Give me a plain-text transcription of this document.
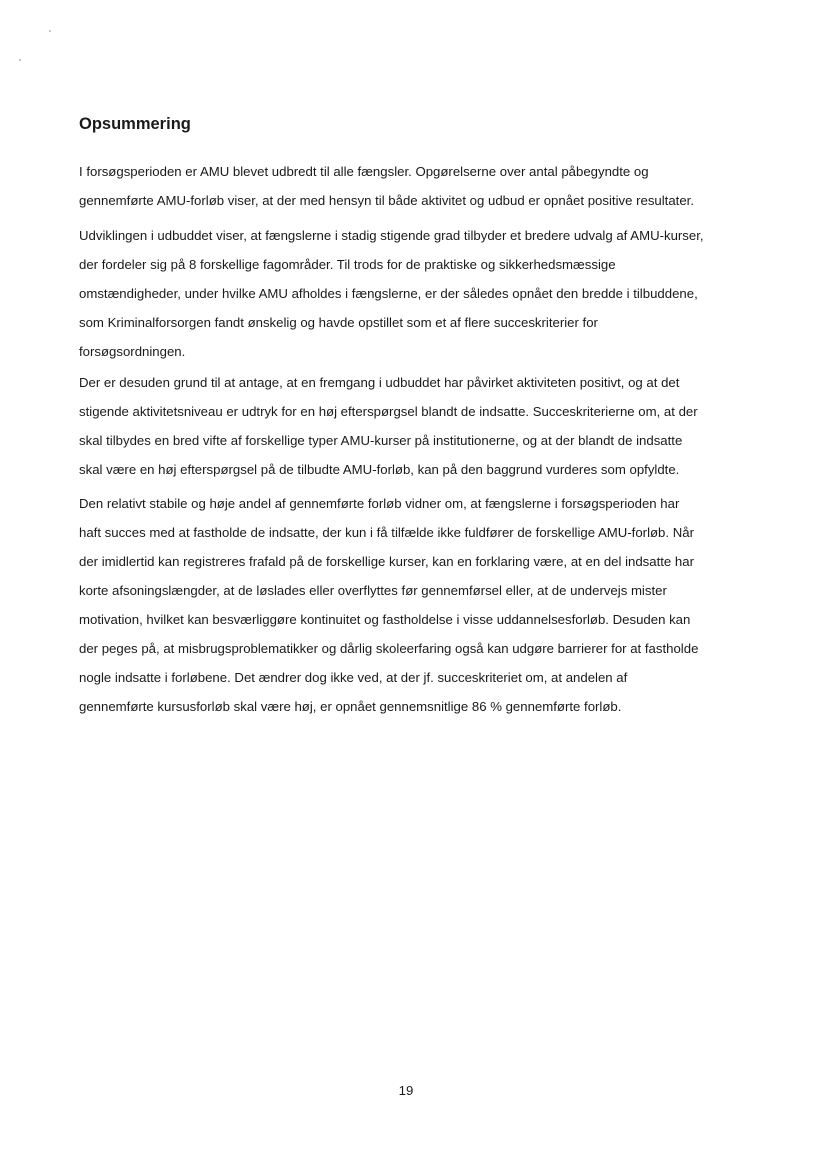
Opsummering
I forsøgsperioden er AMU blevet udbredt til alle fængsler. Opgørelserne over antal påbegyndte og
gennemførte AMU-forløb viser, at der med hensyn til både aktivitet og udbud er opnået positive resultater.
Udviklingen i udbuddet viser, at fængslerne i stadig stigende grad tilbyder et bredere udvalg af AMU-kurser,
der fordeler sig på 8 forskellige fagområder. Til trods for de praktiske og sikkerhedsmæssige
omstændigheder, under hvilke AMU afholdes i fængslerne, er der således opnået den bredde i tilbuddene,
som Kriminalforsorgen fandt ønskelig og havde opstillet som et af flere succeskriterier for
forsøgsordningen.
Der er desuden grund til at antage, at en fremgang i udbuddet har påvirket aktiviteten positivt, og at det
stigende aktivitetsniveau er udtryk for en høj efterspørgsel blandt de indsatte. Succeskriterierne om, at der
skal tilbydes en bred vifte af forskellige typer AMU-kurser på institutionerne, og at der blandt de indsatte
skal være en høj efterspørgsel på de tilbudte AMU-forløb, kan på den baggrund vurderes som opfyldte.
Den relativt stabile og høje andel af gennemførte forløb vidner om, at fængslerne i forsøgsperioden har
haft succes med at fastholde de indsatte, der kun i få tilfælde ikke fuldfører de forskellige AMU-forløb. Når
der imidlertid kan registreres frafald på de forskellige kurser, kan en forklaring være, at en del indsatte har
korte afsoningslængder, at de løslades eller overflyttes før gennemførsel eller, at de undervejs mister
motivation, hvilket kan besværliggøre kontinuitet og fastholdelse i visse uddannelsesforløb. Desuden kan
der peges på, at misbrugsproblematikker og dårlig skoleerfaring også kan udgøre barrierer for at fastholde
nogle indsatte i forløbene. Det ændrer dog ikke ved, at der jf. succeskriteriet om, at andelen af
gennemførte kursusforløb skal være høj, er opnået gennemsnitlige 86 % gennemførte forløb.
19
